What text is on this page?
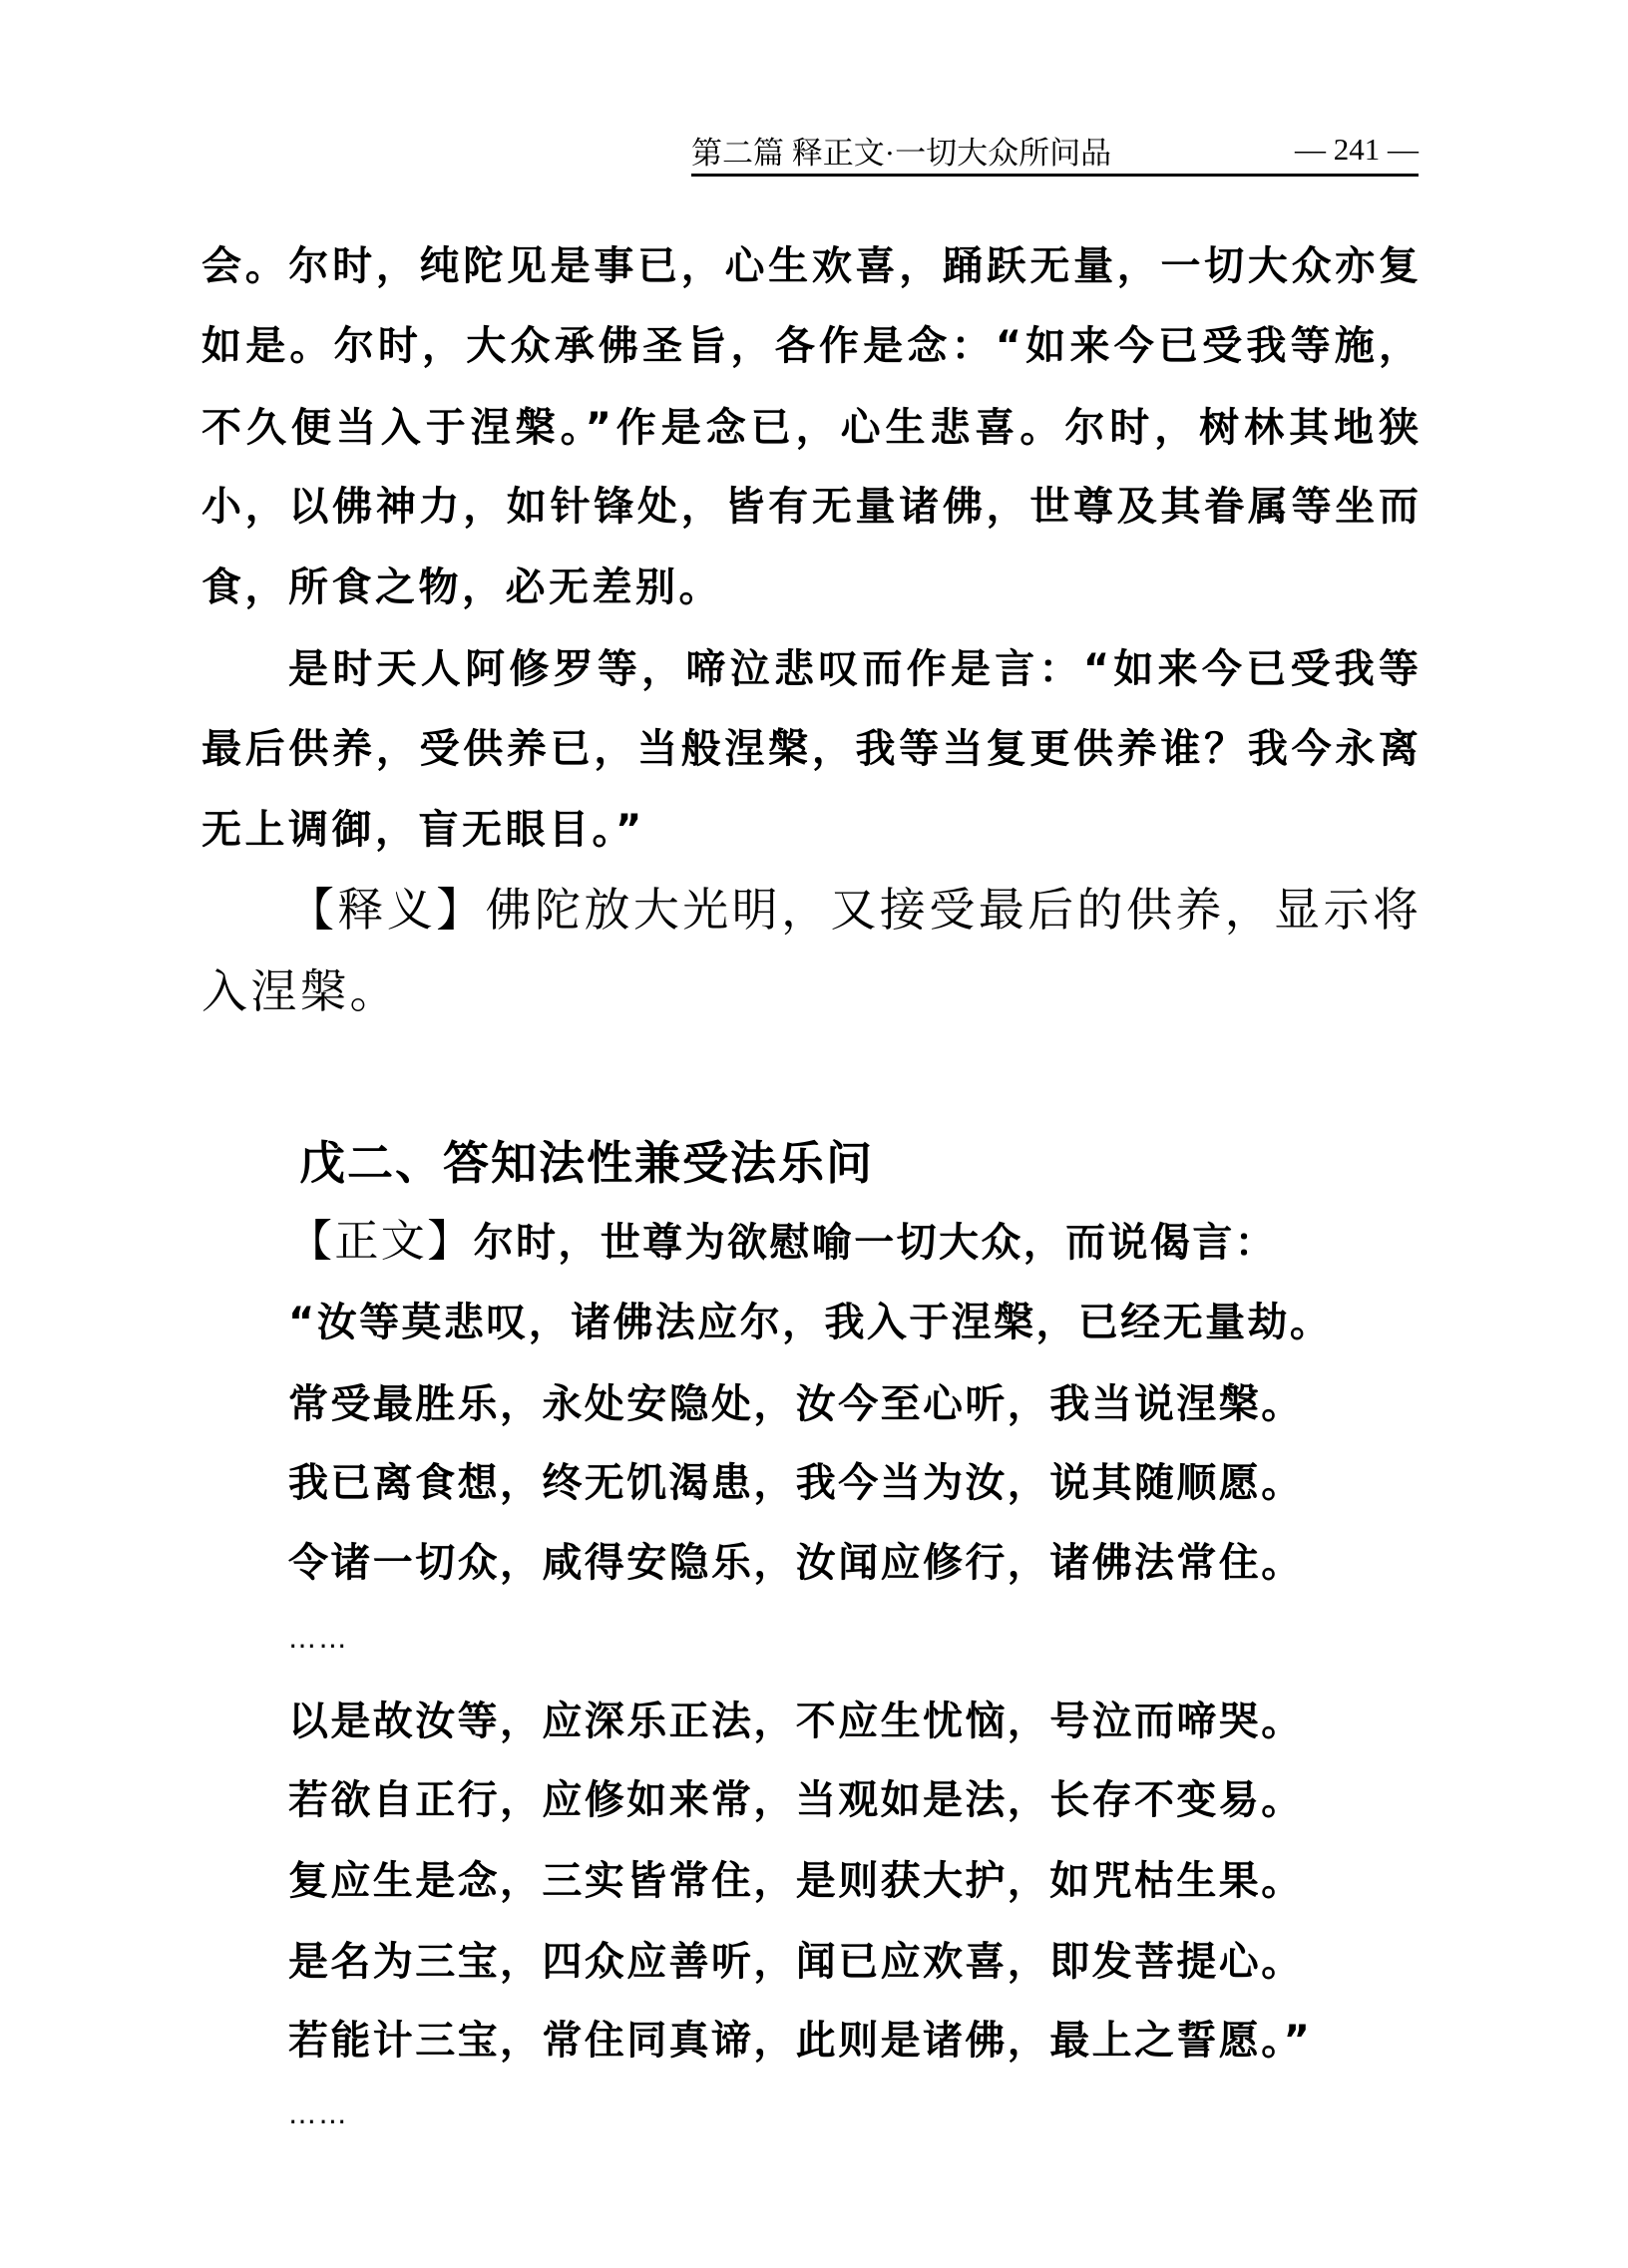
第二篇 释正文·一切大众所问品	— 241 —
会。尔时，纯陀见是事已，心生欢喜，踊跃无量，一切大众亦复
如是。尔时，大众承佛圣旨，各作是念：“如来今已受我等施，
不久便当入于涅槃。”作是念已，心生悲喜。尔时，树林其地狭
小，以佛神力，如针锋处，皆有无量诸佛，世尊及其眷属等坐而
食，所食之物，必无差别。
是时天人阿修罗等，啼泣悲叹而作是言：“如来今已受我等
最后供养，受供养已，当般涅槃，我等当复更供养谁？我今永离
无上调御，盲无眼目。”
【释义】佛陀放大光明，又接受最后的供养，显示将
入涅槃。
戊二、答知法性兼受法乐问
【正文】尔时，世尊为欲慰喻一切大众，而说偈言：
“汝等莫悲叹，诸佛法应尔，我入于涅槃，已经无量劫。
常受最胜乐，永处安隐处，汝今至心听，我当说涅槃。
我已离食想，终无饥渴患，我今当为汝，说其随顺愿。
令诸一切众，咸得安隐乐，汝闻应修行，诸佛法常住。
……
以是故汝等，应深乐正法，不应生忧恼，号泣而啼哭。
若欲自正行，应修如来常，当观如是法，长存不变易。
复应生是念，三实皆常住，是则获大护，如咒枯生果。
是名为三宝，四众应善听，闻已应欢喜，即发菩提心。
若能计三宝，常住同真谛，此则是诸佛，最上之誓愿。”
……
